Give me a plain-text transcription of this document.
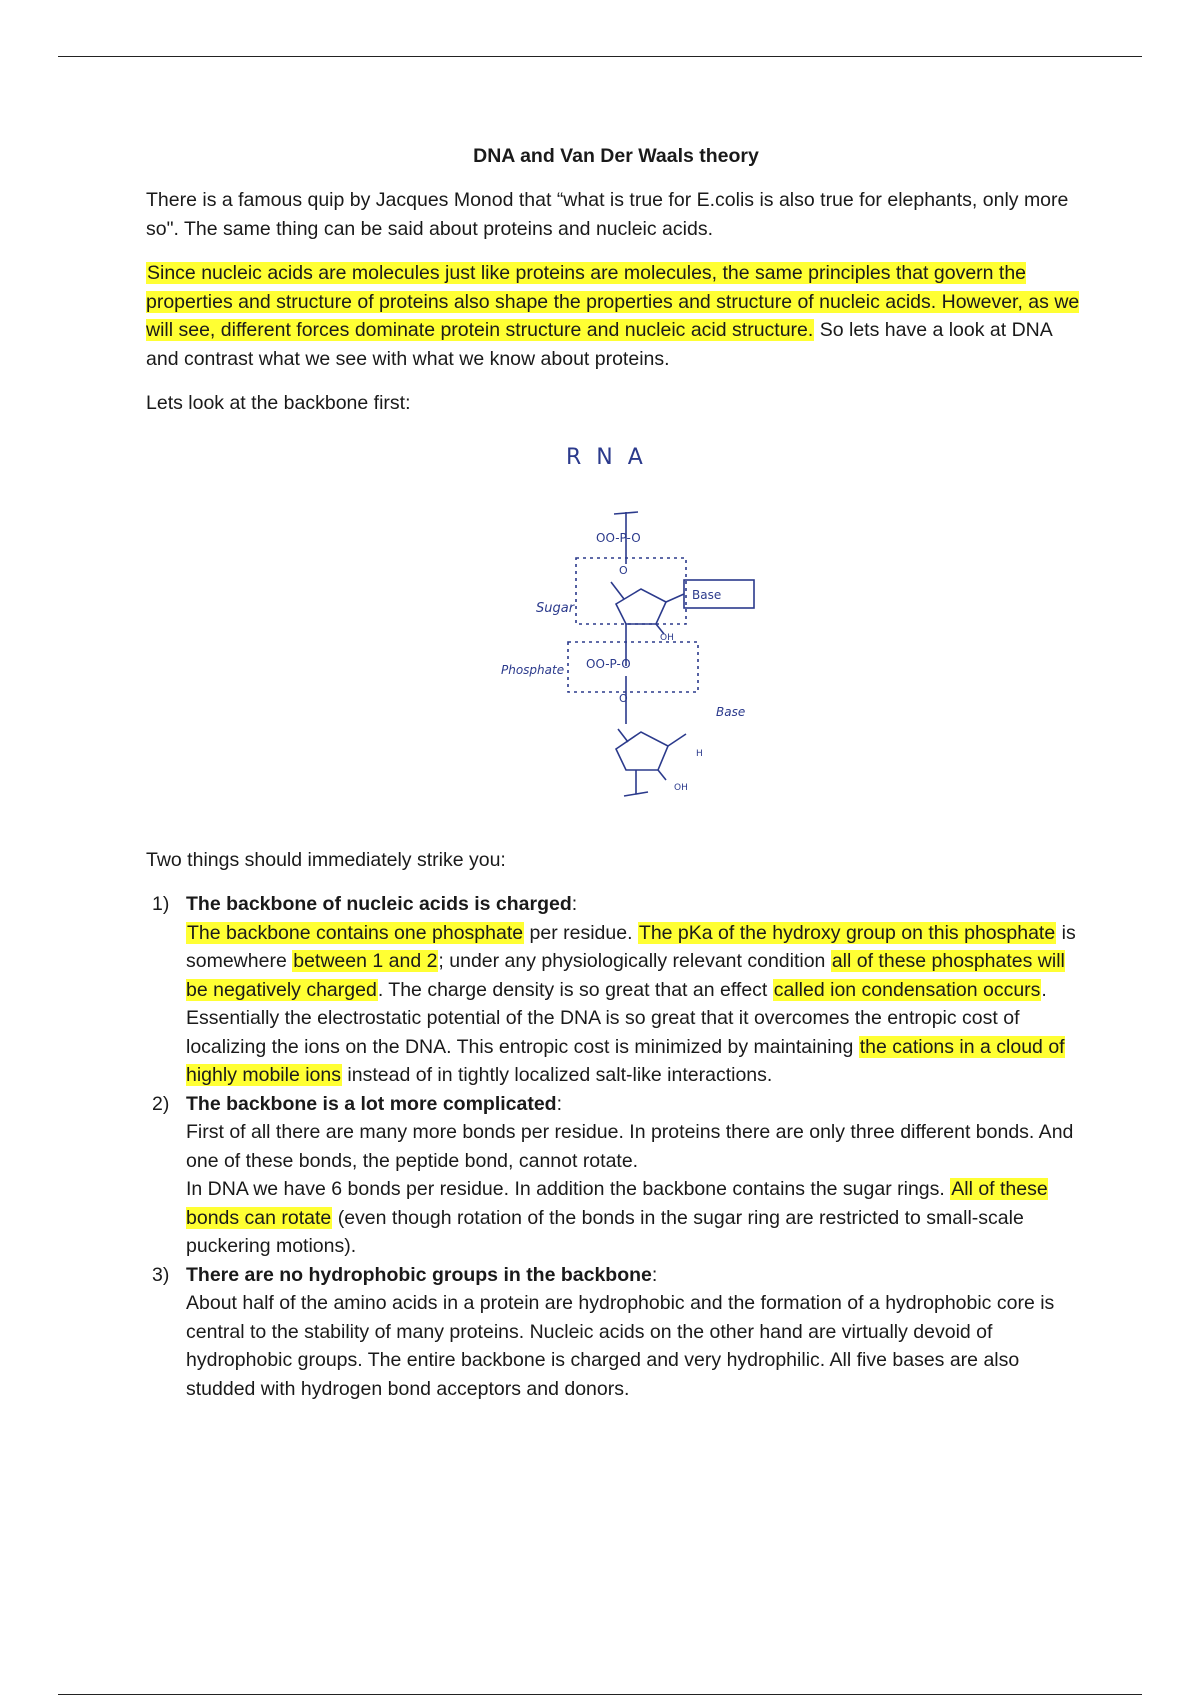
DNA and Van Der Waals theory

There is a famous quip by Jacques Monod that “what is true for E.colis is also true for elephants, only more so". The same thing can be said about proteins and nucleic acids.

Since nucleic acids are molecules just like proteins are molecules, the same principles that govern the properties and structure of proteins also shape the properties and structure of nucleic acids. However, as we will see, different forces dominate protein structure and nucleic acid structure. So lets have a look at DNA and contrast what we see with what we know about proteins.

Lets look at the backbone first:

OO-P-O
O
OO-P-O
O
R N A
Sugar
Phosphate
Base
Base
OH
OH
H

Two things should immediately strike you:

1) The backbone of nucleic acids is charged:
The backbone contains one phosphate per residue. The pKa of the hydroxy group on this phosphate is somewhere between 1 and 2; under any physiologically relevant condition all of these phosphates will be negatively charged. The charge density is so great that an effect called ion condensation occurs. Essentially the electrostatic potential of the DNA is so great that it overcomes the entropic cost of localizing the ions on the DNA. This entropic cost is minimized by maintaining the cations in a cloud of highly mobile ions instead of in tightly localized salt-like interactions.
2) The backbone is a lot more complicated:
First of all there are many more bonds per residue. In proteins there are only three different bonds. And one of these bonds, the peptide bond, cannot rotate.
In DNA we have 6 bonds per residue. In addition the backbone contains the sugar rings. All of these bonds can rotate (even though rotation of the bonds in the sugar ring are restricted to small-scale puckering motions).
3) There are no hydrophobic groups in the backbone:
About half of the amino acids in a protein are hydrophobic and the formation of a hydrophobic core is central to the stability of many proteins. Nucleic acids on the other hand are virtually devoid of hydrophobic groups. The entire backbone is charged and very hydrophilic. All five bases are also studded with hydrogen bond acceptors and donors.
